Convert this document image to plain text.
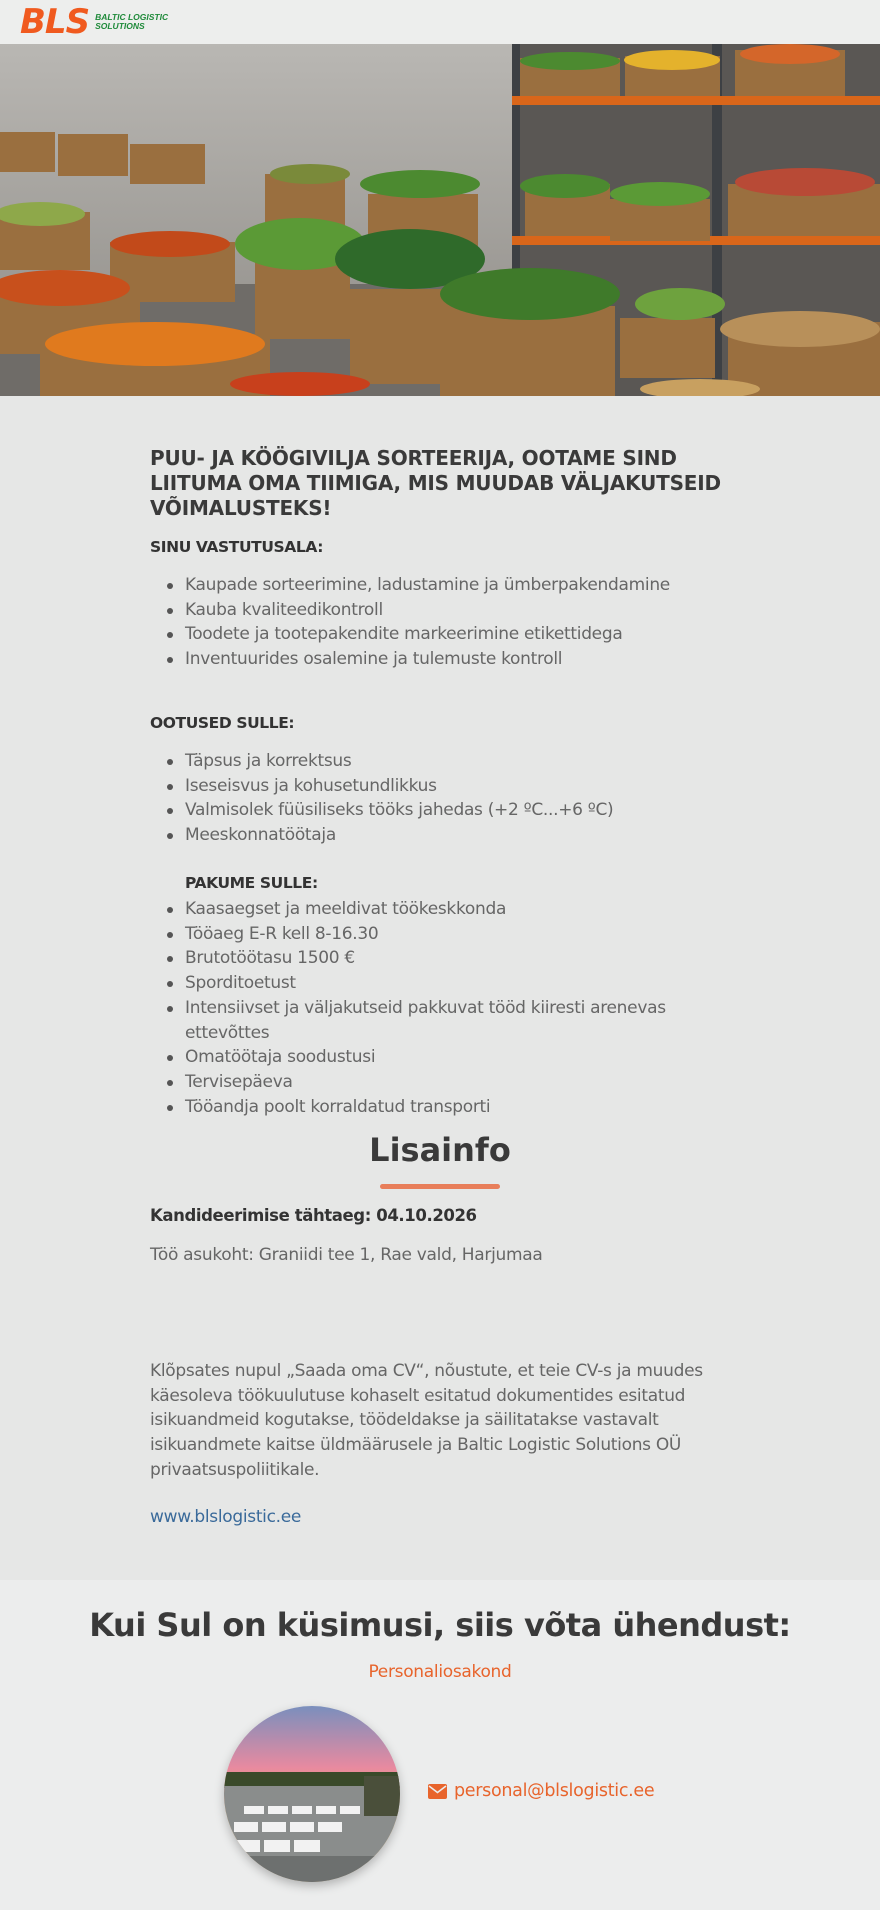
BLS BALTIC LOGISTIC
SOLUTIONS
PUU- JA KÖÖGIVILJA SORTEERIJA, OOTAME SIND LIITUMA OMA TIIMIGA, MIS MUUDAB VÄLJAKUTSEID VÕIMALUSTEKS!
SINU VASTUTUSALA:
Kaupade sorteerimine, ladustamine ja ümberpakendamine
Kauba kvaliteedikontroll
Toodete ja tootepakendite markeerimine etikettidega
Inventuurides osalemine ja tulemuste kontroll
OOTUSED SULLE:
Täpsus ja korrektsus
Iseseisvus ja kohusetundlikkus
Valmisolek füüsiliseks tööks jahedas (+2 ºC...+6 ºC)
Meeskonnatöötaja
PAKUME SULLE:
Kaasaegset ja meeldivat töökeskkonda
Tööaeg E-R kell 8-16.30
Brutotöötasu 1500 €
Sporditoetust
Intensiivset ja väljakutseid pakkuvat tööd kiiresti arenevas ettevõttes
Omatöötaja soodustusi
Tervisepäeva
Tööandja poolt korraldatud transporti
Lisainfo
Kandideerimise tähtaeg: 04.10.2026
Töö asukoht: Graniidi tee 1, Rae vald, Harjumaa

Klõpsates nupul „Saada oma CV“, nõustute, et teie CV-s ja muudes käesoleva töökuulutuse kohaselt esitatud dokumentides esitatud isikuandmeid kogutakse, töödeldakse ja säilitatakse vastavalt isikuandmete kaitse üldmäärusele ja Baltic Logistic Solutions OÜ privaatsuspoliitikale.

www.blslogistic.ee
Kui Sul on küsimusi, siis võta ühendust:
Personaliosakond
personal@blslogistic.ee
